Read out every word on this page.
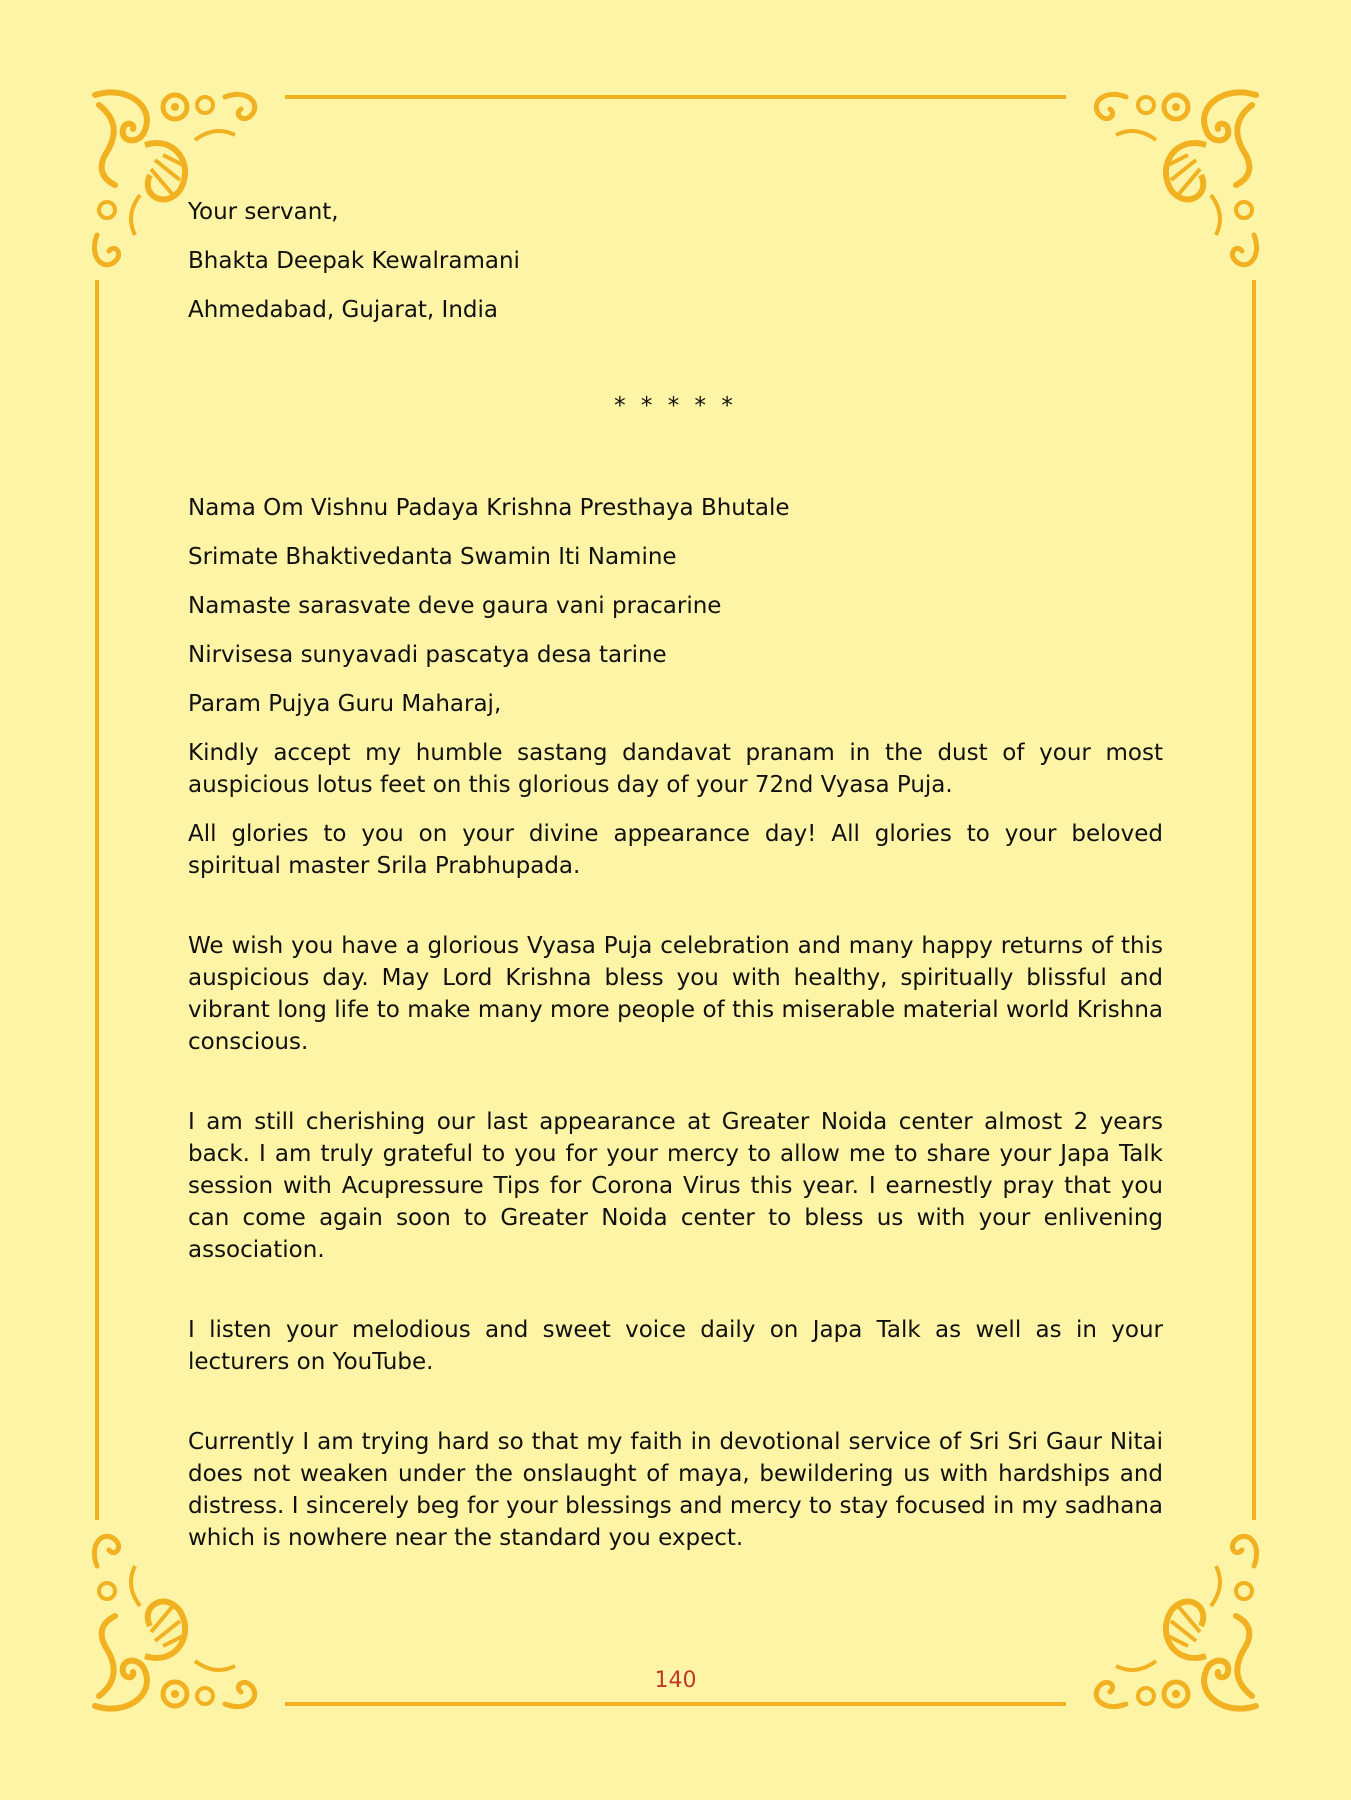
Your servant,
Bhakta Deepak Kewalramani
Ahmedabad, Gujarat, India
* * * * *
Nama Om Vishnu Padaya Krishna Presthaya Bhutale
Srimate Bhaktivedanta Swamin Iti Namine
Namaste sarasvate deve gaura vani pracarine
Nirvisesa sunyavadi pascatya desa tarine
Param Pujya Guru Maharaj,

Kindly accept my humble sastang dandavat pranam in the dust of your most auspicious lotus feet on this glorious day of your 72nd Vyasa Puja.

All glories to you on your divine appearance day! All glories to your beloved spiritual master Srila Prabhupada.

We wish you have a glorious Vyasa Puja celebration and many happy returns of this auspicious day. May Lord Krishna bless you with healthy, spiritually blissful and vibrant long life to make many more people of this miserable material world Krishna conscious.

I am still cherishing our last appearance at Greater Noida center almost 2 years back. I am truly grateful to you for your mercy to allow me to share your Japa Talk session with Acupressure Tips for Corona Virus this year. I earnestly pray that you can come again soon to Greater Noida center to bless us with your enlivening association.

I listen your melodious and sweet voice daily on Japa Talk as well as in your lecturers on YouTube.

Currently I am trying hard so that my faith in devotional service of Sri Sri Gaur Nitai does not weaken under the onslaught of maya, bewildering us with hardships and distress. I sincerely beg for your blessings and mercy to stay focused in my sadhana which is nowhere near the standard you expect.

140
